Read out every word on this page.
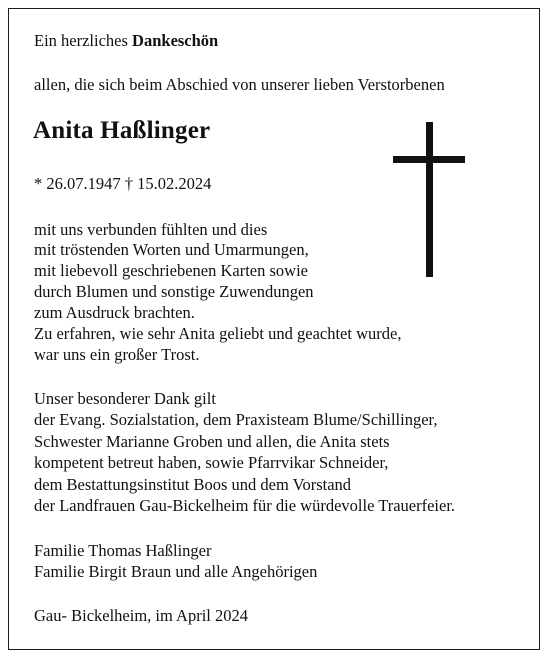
Ein herzliches Dankeschön
allen, die sich beim Abschied von unserer lieben Verstorbenen
Anita Haßlinger
* 26.07.1947 † 15.02.2024
mit uns verbunden fühlten und dies
mit tröstenden Worten und Umarmungen,
mit liebevoll geschriebenen Karten sowie
durch Blumen und sonstige Zuwendungen
zum Ausdruck brachten.
Zu erfahren, wie sehr Anita geliebt und geachtet wurde,
war uns ein großer Trost.
Unser besonderer Dank gilt
der Evang. Sozialstation, dem Praxisteam Blume/Schillinger,
Schwester Marianne Groben und allen, die Anita stets
kompetent betreut haben, sowie Pfarrvikar Schneider,
dem Bestattungsinstitut Boos und dem Vorstand
der Landfrauen Gau-Bickelheim für die würdevolle Trauerfeier.
Familie Thomas Haßlinger
Familie Birgit Braun und alle Angehörigen
Gau- Bickelheim, im April 2024
